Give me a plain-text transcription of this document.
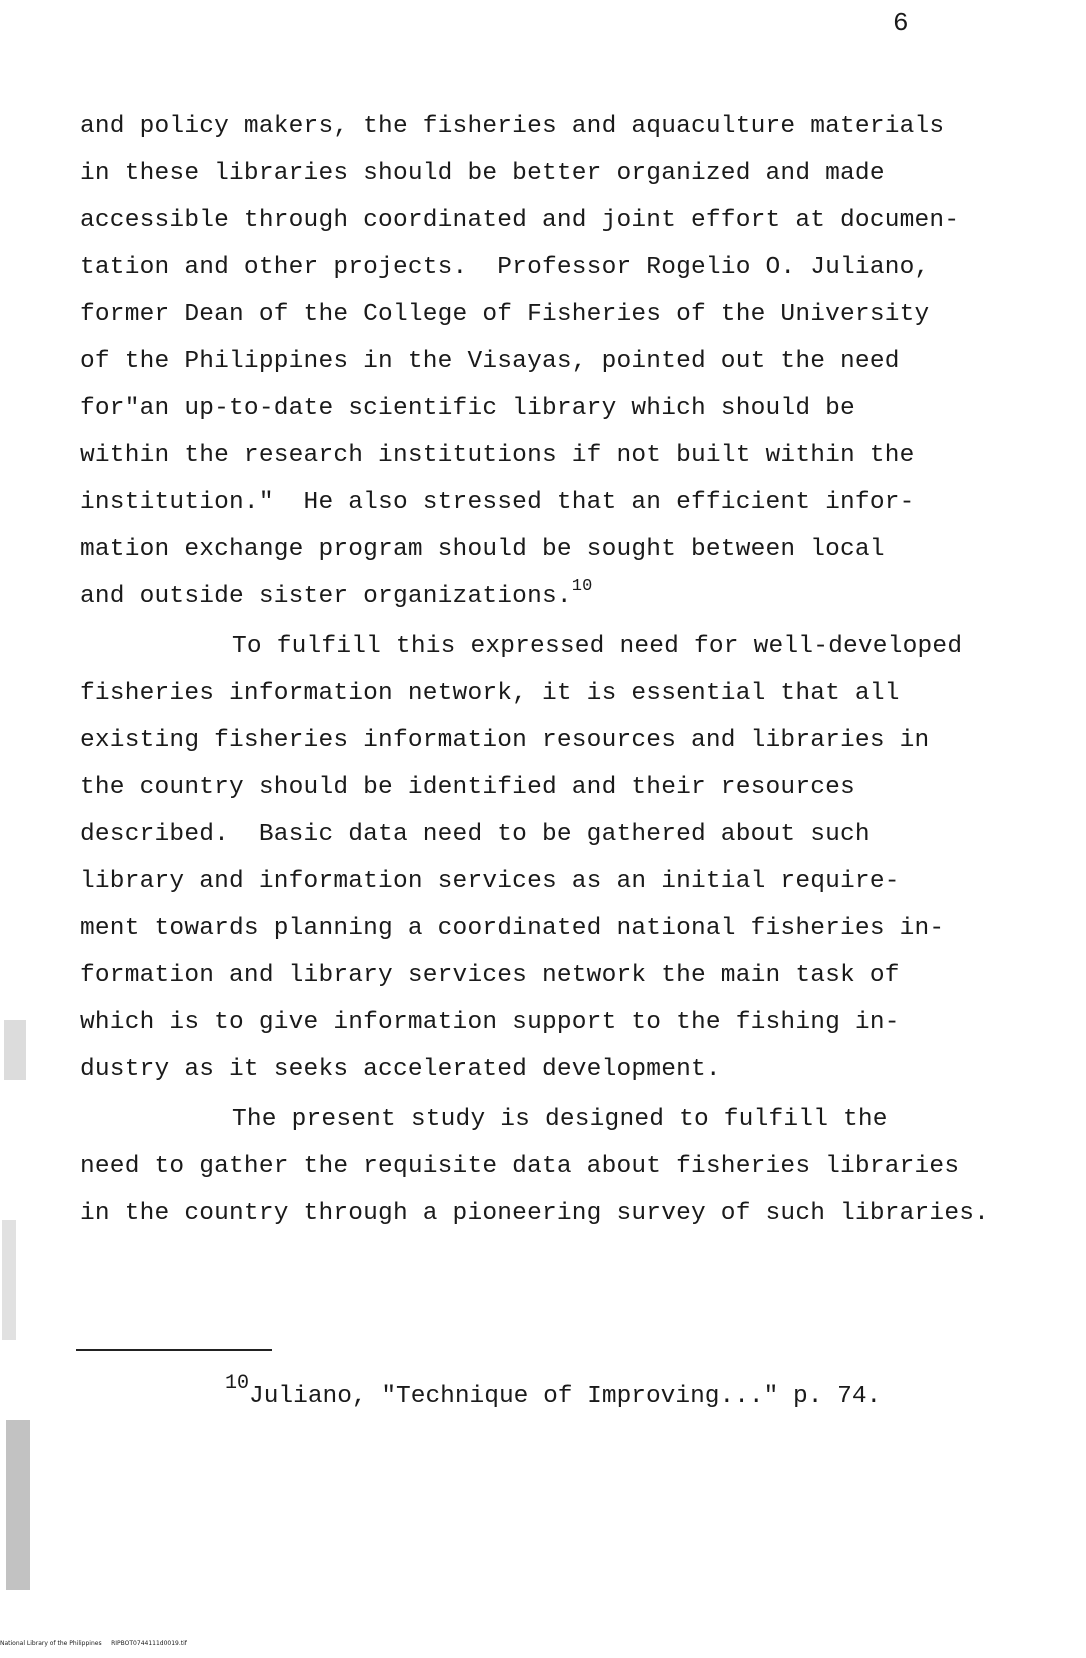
6
and policy makers, the fisheries and aquaculture materials
in these libraries should be better organized and made
accessible through coordinated and joint effort at documen-
tation and other projects.  Professor Rogelio O. Juliano,
former Dean of the College of Fisheries of the University
of the Philippines in the Visayas, pointed out the need
for"an up-to-date scientific library which should be
within the research institutions if not built within the
institution."  He also stressed that an efficient infor-
mation exchange program should be sought between local
and outside sister organizations.$^{10}$
To fulfill this expressed need for well-developed
fisheries information network, it is essential that all
existing fisheries information resources and libraries in
the country should be identified and their resources
described.  Basic data need to be gathered about such
library and information services as an initial require-
ment towards planning a coordinated national fisheries in-
formation and library services network the main task of
which is to give information support to the fishing in-
dustry as it seeks accelerated development.
The present study is designed to fulfill the
need to gather the requisite data about fisheries libraries
in the country through a pioneering survey of such libraries.
$^{10}$Juliano, "Technique of Improving..." p. 74.
National Library of the Philippines     RIPBOT0744111d0019.tif
